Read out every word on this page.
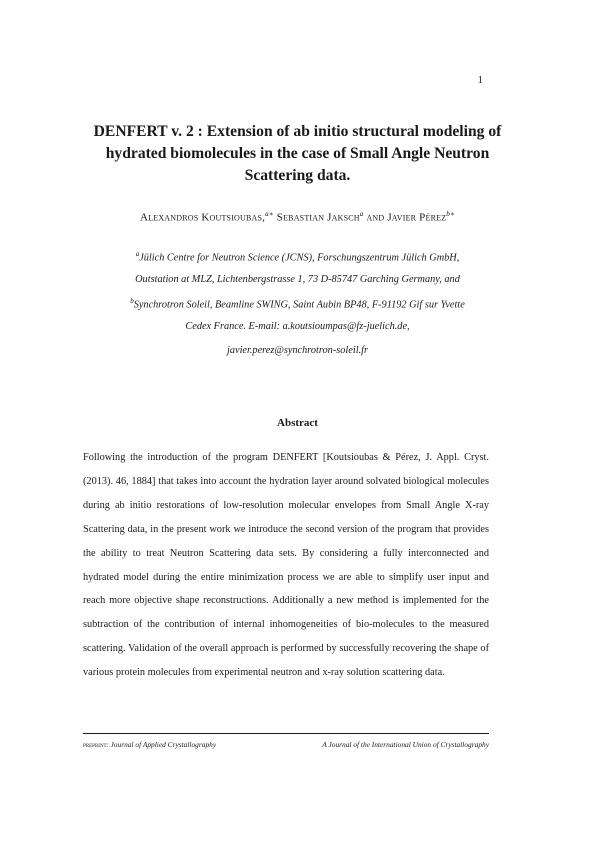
1
DENFERT v. 2 : Extension of ab initio structural modeling of hydrated biomolecules in the case of Small Angle Neutron Scattering data.
Alexandros Koutsioubas,$^{a∗}$ Sebastian Jaksch$^a$ and Javier Pérez$^{b∗}$
$^a$Jülich Centre for Neutron Science (JCNS), Forschungszentrum Jülich GmbH,
Outstation at MLZ, Lichtenbergstrasse 1, 73 D-85747 Garching Germany, and
$^b$Synchrotron Soleil, Beamline SWING, Saint Aubin BP48, F-91192 Gif sur Yvette
Cedex France. E-mail: a.koutsioumpas@fz-juelich.de,
javier.perez@synchrotron-soleil.fr
Abstract

Following the introduction of the program DENFERT [Koutsioubas & Pérez, J. Appl. Cryst. (2013). 46, 1884] that takes into account the hydration layer around solvated biological molecules during ab initio restorations of low-resolution molecular envelopes from Small Angle X-ray Scattering data, in the present work we introduce the second version of the program that provides the ability to treat Neutron Scattering data sets. By considering a fully interconnected and hydrated model during the entire minimization process we are able to simplify user input and reach more objective shape reconstructions. Additionally a new method is implemented for the subtraction of the contribution of internal inhomogeneities of bio-molecules to the measured scattering. Validation of the overall approach is performed by successfully recovering the shape of various protein molecules from experimental neutron and x-ray solution scattering data.

preprint: Journal of Applied Crystallography	A Journal of the International Union of Crystallography
